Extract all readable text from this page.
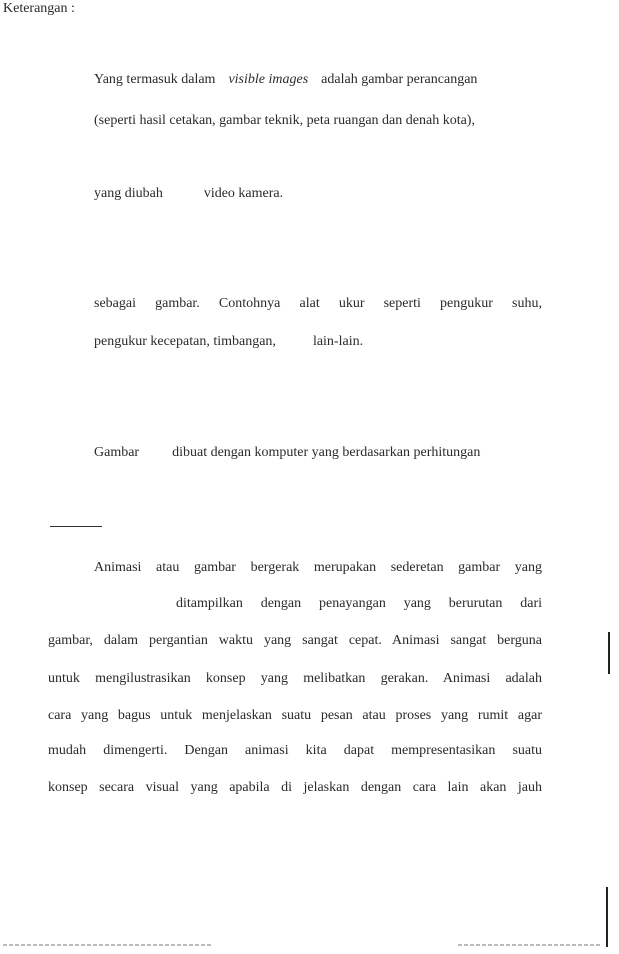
Keterangan :
Yang termasuk dalam visible images adalah gambar perancangan
(seperti hasil cetakan, gambar teknik, peta ruangan dan denah kota),
yang diubah	video kamera.
sebagai gambar. Contohnya alat ukur seperti pengukur suhu,
pengukur kecepatan, timbangan,	lain-lain.
Gambar dibuat dengan komputer yang berdasarkan perhitungan
Animasi atau gambar bergerak merupakan sederetan gambar yang
ditampilkan dengan penayangan yang berurutan dari
gambar, dalam pergantian waktu yang sangat cepat. Animasi sangat berguna
untuk mengilustrasikan konsep yang melibatkan gerakan. Animasi adalah
cara yang bagus untuk menjelaskan suatu pesan atau proses yang rumit agar
mudah dimengerti. Dengan animasi kita dapat mempresentasikan suatu
konsep secara visual yang apabila di jelaskan dengan cara lain akan jauh
